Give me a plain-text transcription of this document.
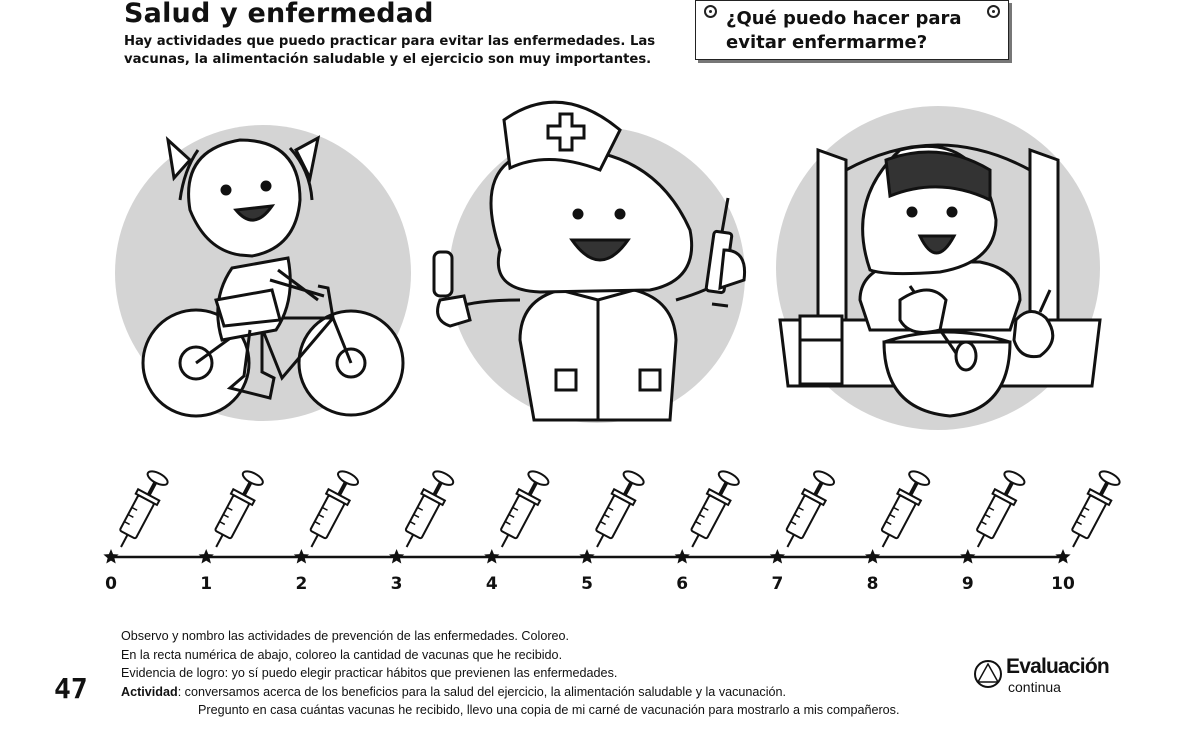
Salud y enfermedad
Hay actividades que puedo practicar para evitar las enfermedades. Las vacunas, la alimentación saludable y el ejercicio son muy importantes.
¿Qué puedo hacer para
evitar enfermarme?
0	1	2	3	4	5	6	7	8	9	10
Observo y nombro las actividades de prevención de las enfermedades. Coloreo.
En la recta numérica de abajo, coloreo la cantidad de vacunas que he recibido.
Evidencia de logro: yo sí puedo elegir practicar hábitos que previenen las enfermedades.
Actividad: conversamos acerca de los beneficios para la salud del ejercicio, la alimentación saludable y la vacunación.
Pregunto en casa cuántas vacunas he recibido, llevo una copia de mi carné de vacunación para mostrarlo a mis compañeros.
47
Evaluación
continua
